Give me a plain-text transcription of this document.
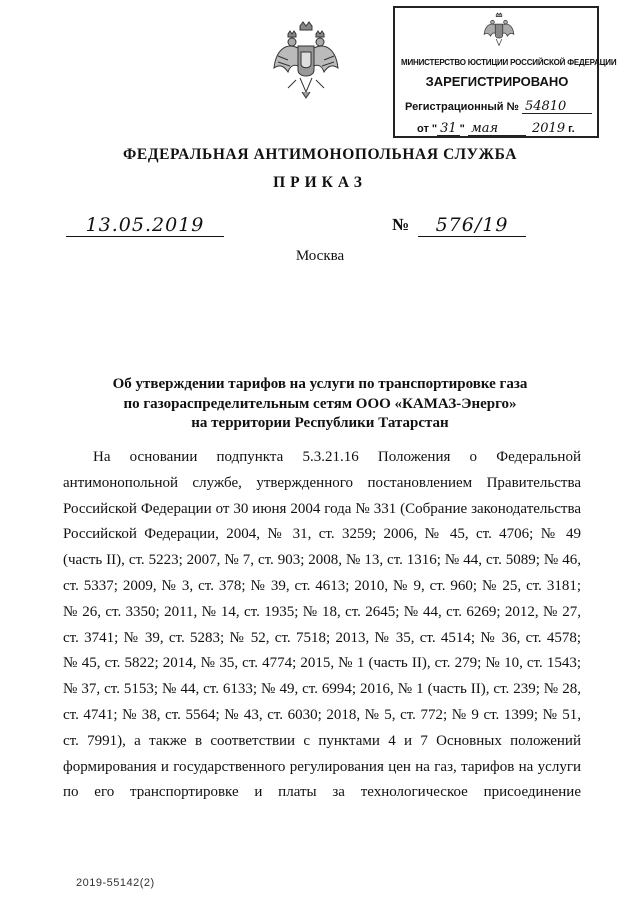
МИНИСТЕРСТВО ЮСТИЦИИ РОССИЙСКОЙ ФЕДЕРАЦИИ
ЗАРЕГИСТРИРОВАНО
Регистрационный № 54810
от " 31 " мая	2019 г.
ФЕДЕРАЛЬНАЯ АНТИМОНОПОЛЬНАЯ СЛУЖБА
ПРИКАЗ
13.05.2019	№	576/19
Москва
Об утверждении тарифов на услуги по транспортировке газа
по газораспределительным сетям ООО «КАМАЗ-Энерго»
на территории Республики Татарстан
На основании подпункта 5.3.21.16 Положения о Федеральной
антимонопольной службе, утвержденного постановлением Правительства
Российской Федерации от 30 июня 2004 года № 331 (Собрание законодательства
Российской Федерации, 2004, № 31, ст. 3259; 2006, № 45, ст. 4706; № 49
(часть II), ст. 5223; 2007, № 7, ст. 903; 2008, № 13, ст. 1316; № 44, ст. 5089; № 46,
ст. 5337; 2009, № 3, ст. 378; № 39, ст. 4613; 2010, № 9, ст. 960; № 25, ст. 3181;
№ 26, ст. 3350; 2011, № 14, ст. 1935; № 18, ст. 2645; № 44, ст. 6269; 2012, № 27,
ст. 3741; № 39, ст. 5283; № 52, ст. 7518; 2013, № 35, ст. 4514; № 36, ст. 4578;
№ 45, ст. 5822; 2014, № 35, ст. 4774; 2015, № 1 (часть II), ст. 279; № 10, ст. 1543;
№ 37, ст. 5153; № 44, ст. 6133; № 49, ст. 6994; 2016, № 1 (часть II), ст. 239; № 28,
ст. 4741; № 38, ст. 5564; № 43, ст. 6030; 2018, № 5, ст. 772; № 9 ст. 1399; № 51,
ст. 7991), а также в соответствии с пунктами 4 и 7 Основных положений
формирования и государственного регулирования цен на газ, тарифов на услуги
по его транспортировке и платы за технологическое присоединение
2019-55142(2)
